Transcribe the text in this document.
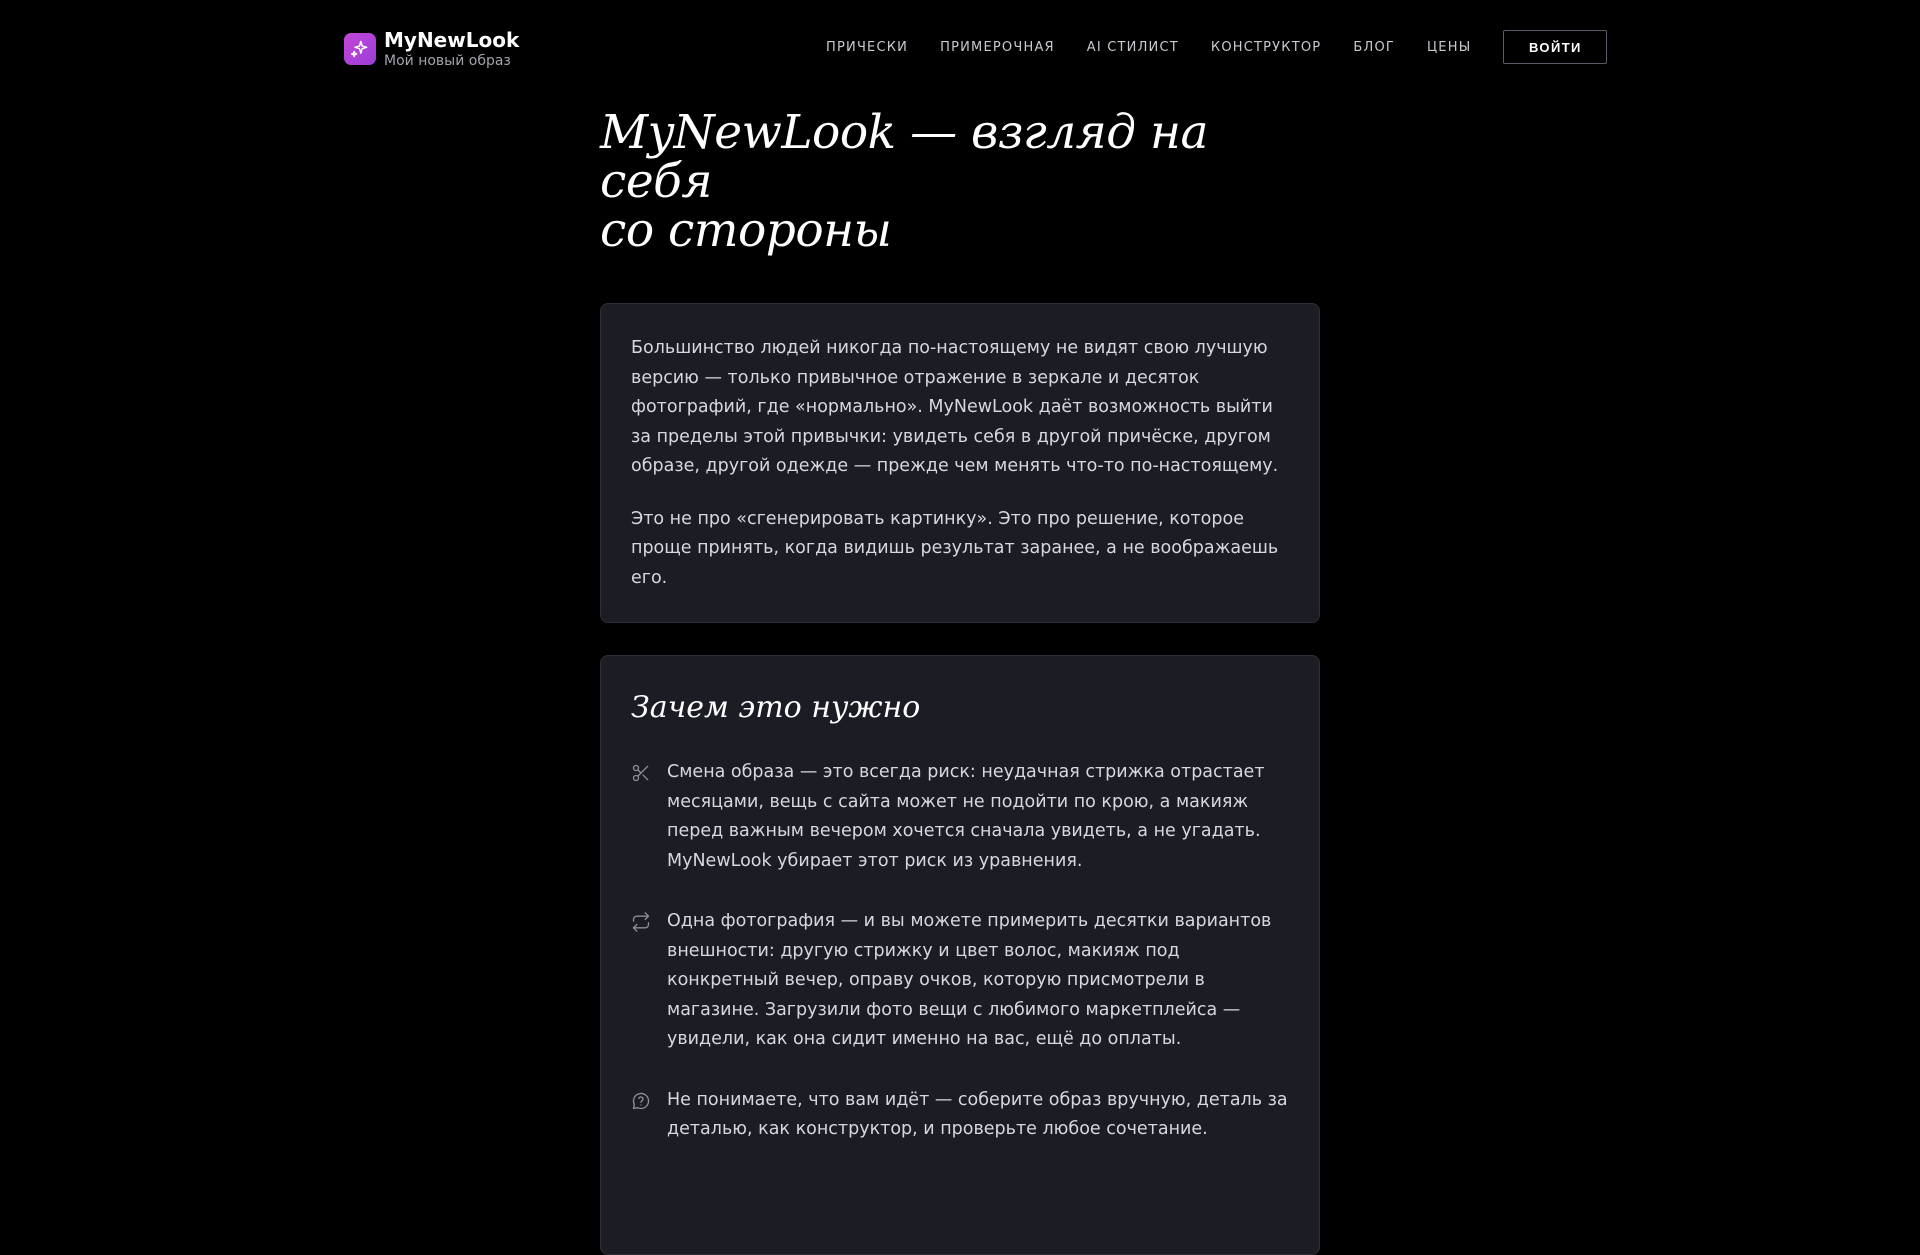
MyNewLook
Мой новый образ
ПРИЧЕСКИ ПРИМЕРОЧНАЯ AI СТИЛИСТ КОНСТРУКТОР БЛОГ ЦЕНЫ	ВОЙТИ
MyNewLook — взгляд на себя
со стороны

Большинство людей никогда по-настоящему не видят свою лучшую версию — только привычное отражение в зеркале и десяток фотографий, где «нормально». MyNewLook даёт возможность выйти за пределы этой привычки: увидеть себя в другой причёске, другом образе, другой одежде — прежде чем менять что-то по-настоящему.

Это не про «сгенерировать картинку». Это про решение, которое проще принять, когда видишь результат заранее, а не воображаешь его.

Зачем это нужно
Смена образа — это всегда риск: неудачная стрижка отрастает месяцами, вещь с сайта может не подойти по крою, а макияж перед важным вечером хочется сначала увидеть, а не угадать. MyNewLook убирает этот риск из уравнения.
Одна фотография — и вы можете примерить десятки вариантов внешности: другую стрижку и цвет волос, макияж под конкретный вечер, оправу очков, которую присмотрели в магазине. Загрузили фото вещи с любимого маркетплейса — увидели, как она сидит именно на вас, ещё до оплаты.
Не понимаете, что вам идёт — соберите образ вручную, деталь за деталью, как конструктор, и проверьте любое сочетание.
